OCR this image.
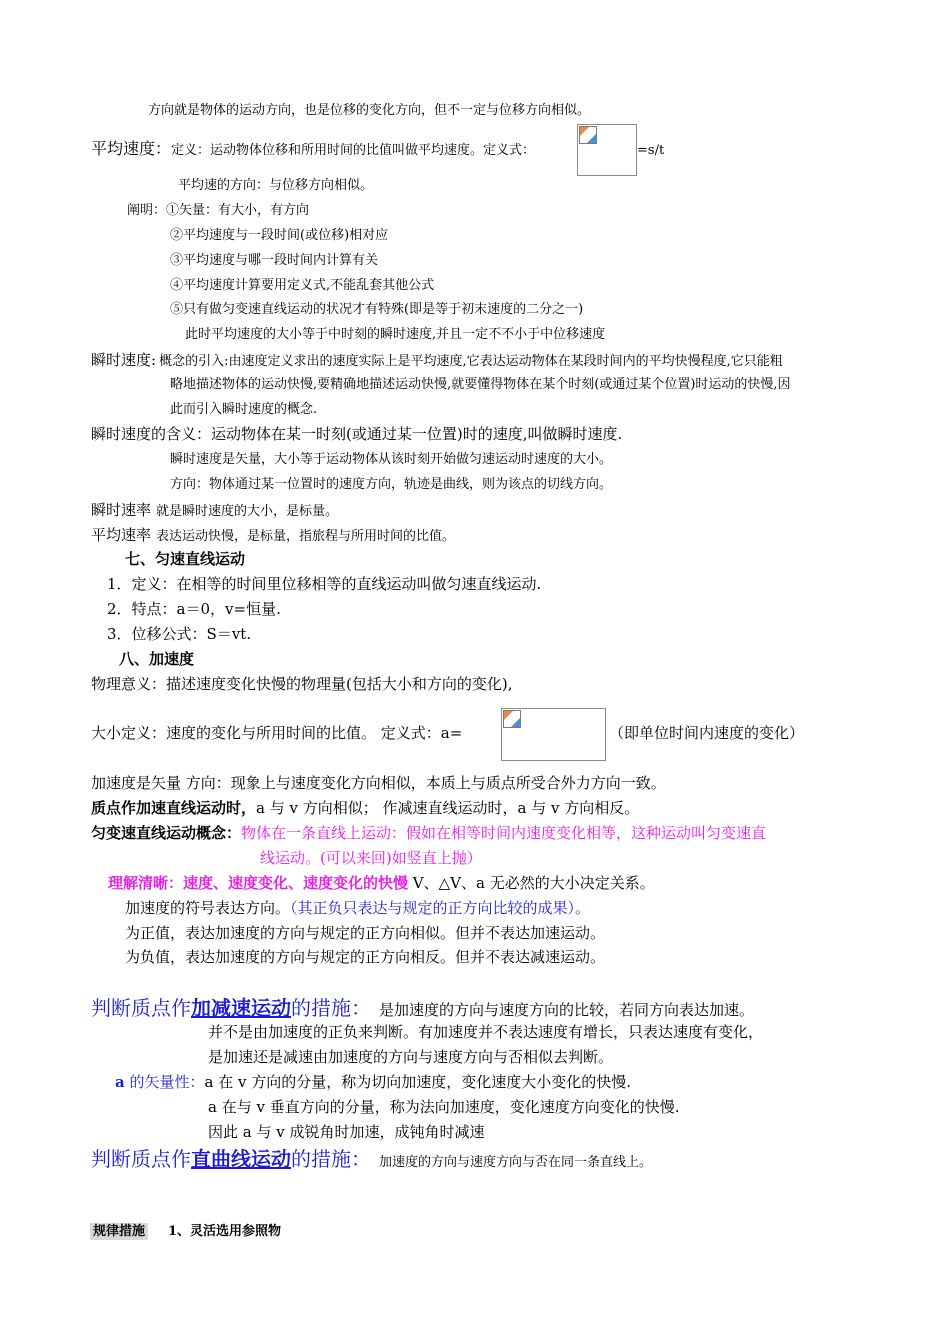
方向就是物体的运动方向，也是位移的变化方向，但不一定与位移方向相似。
平均速度：定义：运动物体位移和所用时间的比值叫做平均速度。定义式：	=s/t
平均速的方向：与位移方向相似。
阐明：①矢量：有大小，有方向
②平均速度与一段时间(或位移)相对应
③平均速度与哪一段时间内计算有关
④平均速度计算要用定义式,不能乱套其他公式
⑤只有做匀变速直线运动的状况才有特殊(即是等于初末速度的二分之一)
此时平均速度的大小等于中时刻的瞬时速度,并且一定不不小于中位移速度
瞬时速度: 概念的引入:由速度定义求出的速度实际上是平均速度,它表达运动物体在某段时间内的平均快慢程度,它只能粗
略地描述物体的运动快慢,要精确地描述运动快慢,就要懂得物体在某个时刻(或通过某个位置)时运动的快慢,因
此而引入瞬时速度的概念.
瞬时速度的含义：运动物体在某一时刻(或通过某一位置)时的速度,叫做瞬时速度.
瞬时速度是矢量，大小等于运动物体从该时刻开始做匀速运动时速度的大小。
方向：物体通过某一位置时的速度方向，轨迹是曲线，则为该点的切线方向。
瞬时速率 就是瞬时速度的大小，是标量。
平均速率 表达运动快慢，是标量，指旅程与所用时间的比值。
七、匀速直线运动
1．定义：在相等的时间里位移相等的直线运动叫做匀速直线运动.
2．特点：a＝0，v=恒量.
3．位移公式：S＝vt.
八、加速度
物理意义：描述速度变化快慢的物理量(包括大小和方向的变化),
大小定义：速度的变化与所用时间的比值。 定义式：a=	（即单位时间内速度的变化）
加速度是矢量 方向：现象上与速度变化方向相似，本质上与质点所受合外力方向一致。
质点作加速直线运动时，a 与 v 方向相似； 作减速直线运动时，a 与 v 方向相反。
匀变速直线运动概念：物体在一条直线上运动：假如在相等时间内速度变化相等，这种运动叫匀变速直
线运动。(可以来回)如竖直上抛）
理解清晰：速度、速度变化、速度变化的快慢 V、△V、a 无必然的大小决定关系。
加速度的符号表达方向。（其正负只表达与规定的正方向比较的成果）。
为正值，表达加速度的方向与规定的正方向相似。但并不表达加速运动。
为负值，表达加速度的方向与规定的正方向相反。但并不表达减速运动。
判断质点作加减速运动的措施： 是加速度的方向与速度方向的比较，若同方向表达加速。
并不是由加速度的正负来判断。有加速度并不表达速度有增长，只表达速度有变化，
是加速还是减速由加速度的方向与速度方向与否相似去判断。
a 的矢量性：a 在 v 方向的分量，称为切向加速度，变化速度大小变化的快慢.
a 在与 v 垂直方向的分量，称为法向加速度，变化速度方向变化的快慢.
因此 a 与 v 成锐角时加速，成钝角时减速
判断质点作直曲线运动的措施： 加速度的方向与速度方向与否在同一条直线上。
规律措施 1、灵活选用参照物
